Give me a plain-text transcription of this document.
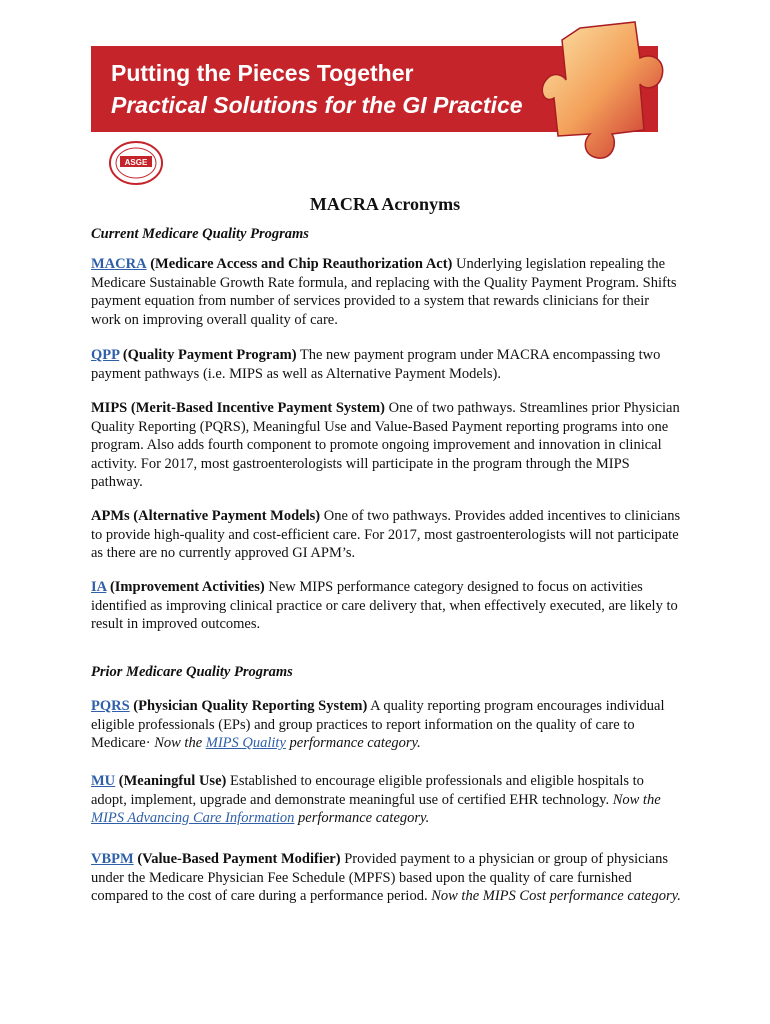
Putting the Pieces Together
Practical Solutions for the GI Practice
ASGE
MACRA Acronyms
Current Medicare Quality Programs

MACRA (Medicare Access and Chip Reauthorization Act) Underlying legislation repealing the Medicare Sustainable Growth Rate formula, and replacing with the Quality Payment Program. Shifts payment equation from number of services provided to a system that rewards clinicians for their work on improving overall quality of care.

QPP (Quality Payment Program) The new payment program under MACRA encompassing two payment pathways (i.e. MIPS as well as Alternative Payment Models).

MIPS (Merit-Based Incentive Payment System) One of two pathways. Streamlines prior Physician Quality Reporting (PQRS), Meaningful Use and Value-Based Payment reporting programs into one program. Also adds fourth component to promote ongoing improvement and innovation in clinical activity. For 2017, most gastroenterologists will participate in the program through the MIPS pathway.

APMs (Alternative Payment Models) One of two pathways. Provides added incentives to clinicians to provide high-quality and cost-efficient care. For 2017, most gastroenterologists will not participate as there are no currently approved GI APM’s.

IA (Improvement Activities) New MIPS performance category designed to focus on activities identified as improving clinical practice or care delivery that, when effectively executed, are likely to result in improved outcomes.

Prior Medicare Quality Programs

PQRS (Physician Quality Reporting System) A quality reporting program encourages individual eligible professionals (EPs) and group practices to report information on the quality of care to Medicare· Now the MIPS Quality performance category.

MU (Meaningful Use) Established to encourage eligible professionals and eligible hospitals to adopt, implement, upgrade and demonstrate meaningful use of certified EHR technology. Now the MIPS Advancing Care Information performance category.

VBPM (Value-Based Payment Modifier) Provided payment to a physician or group of physicians under the Medicare Physician Fee Schedule (MPFS) based upon the quality of care furnished compared to the cost of care during a performance period. Now the MIPS Cost performance category.
